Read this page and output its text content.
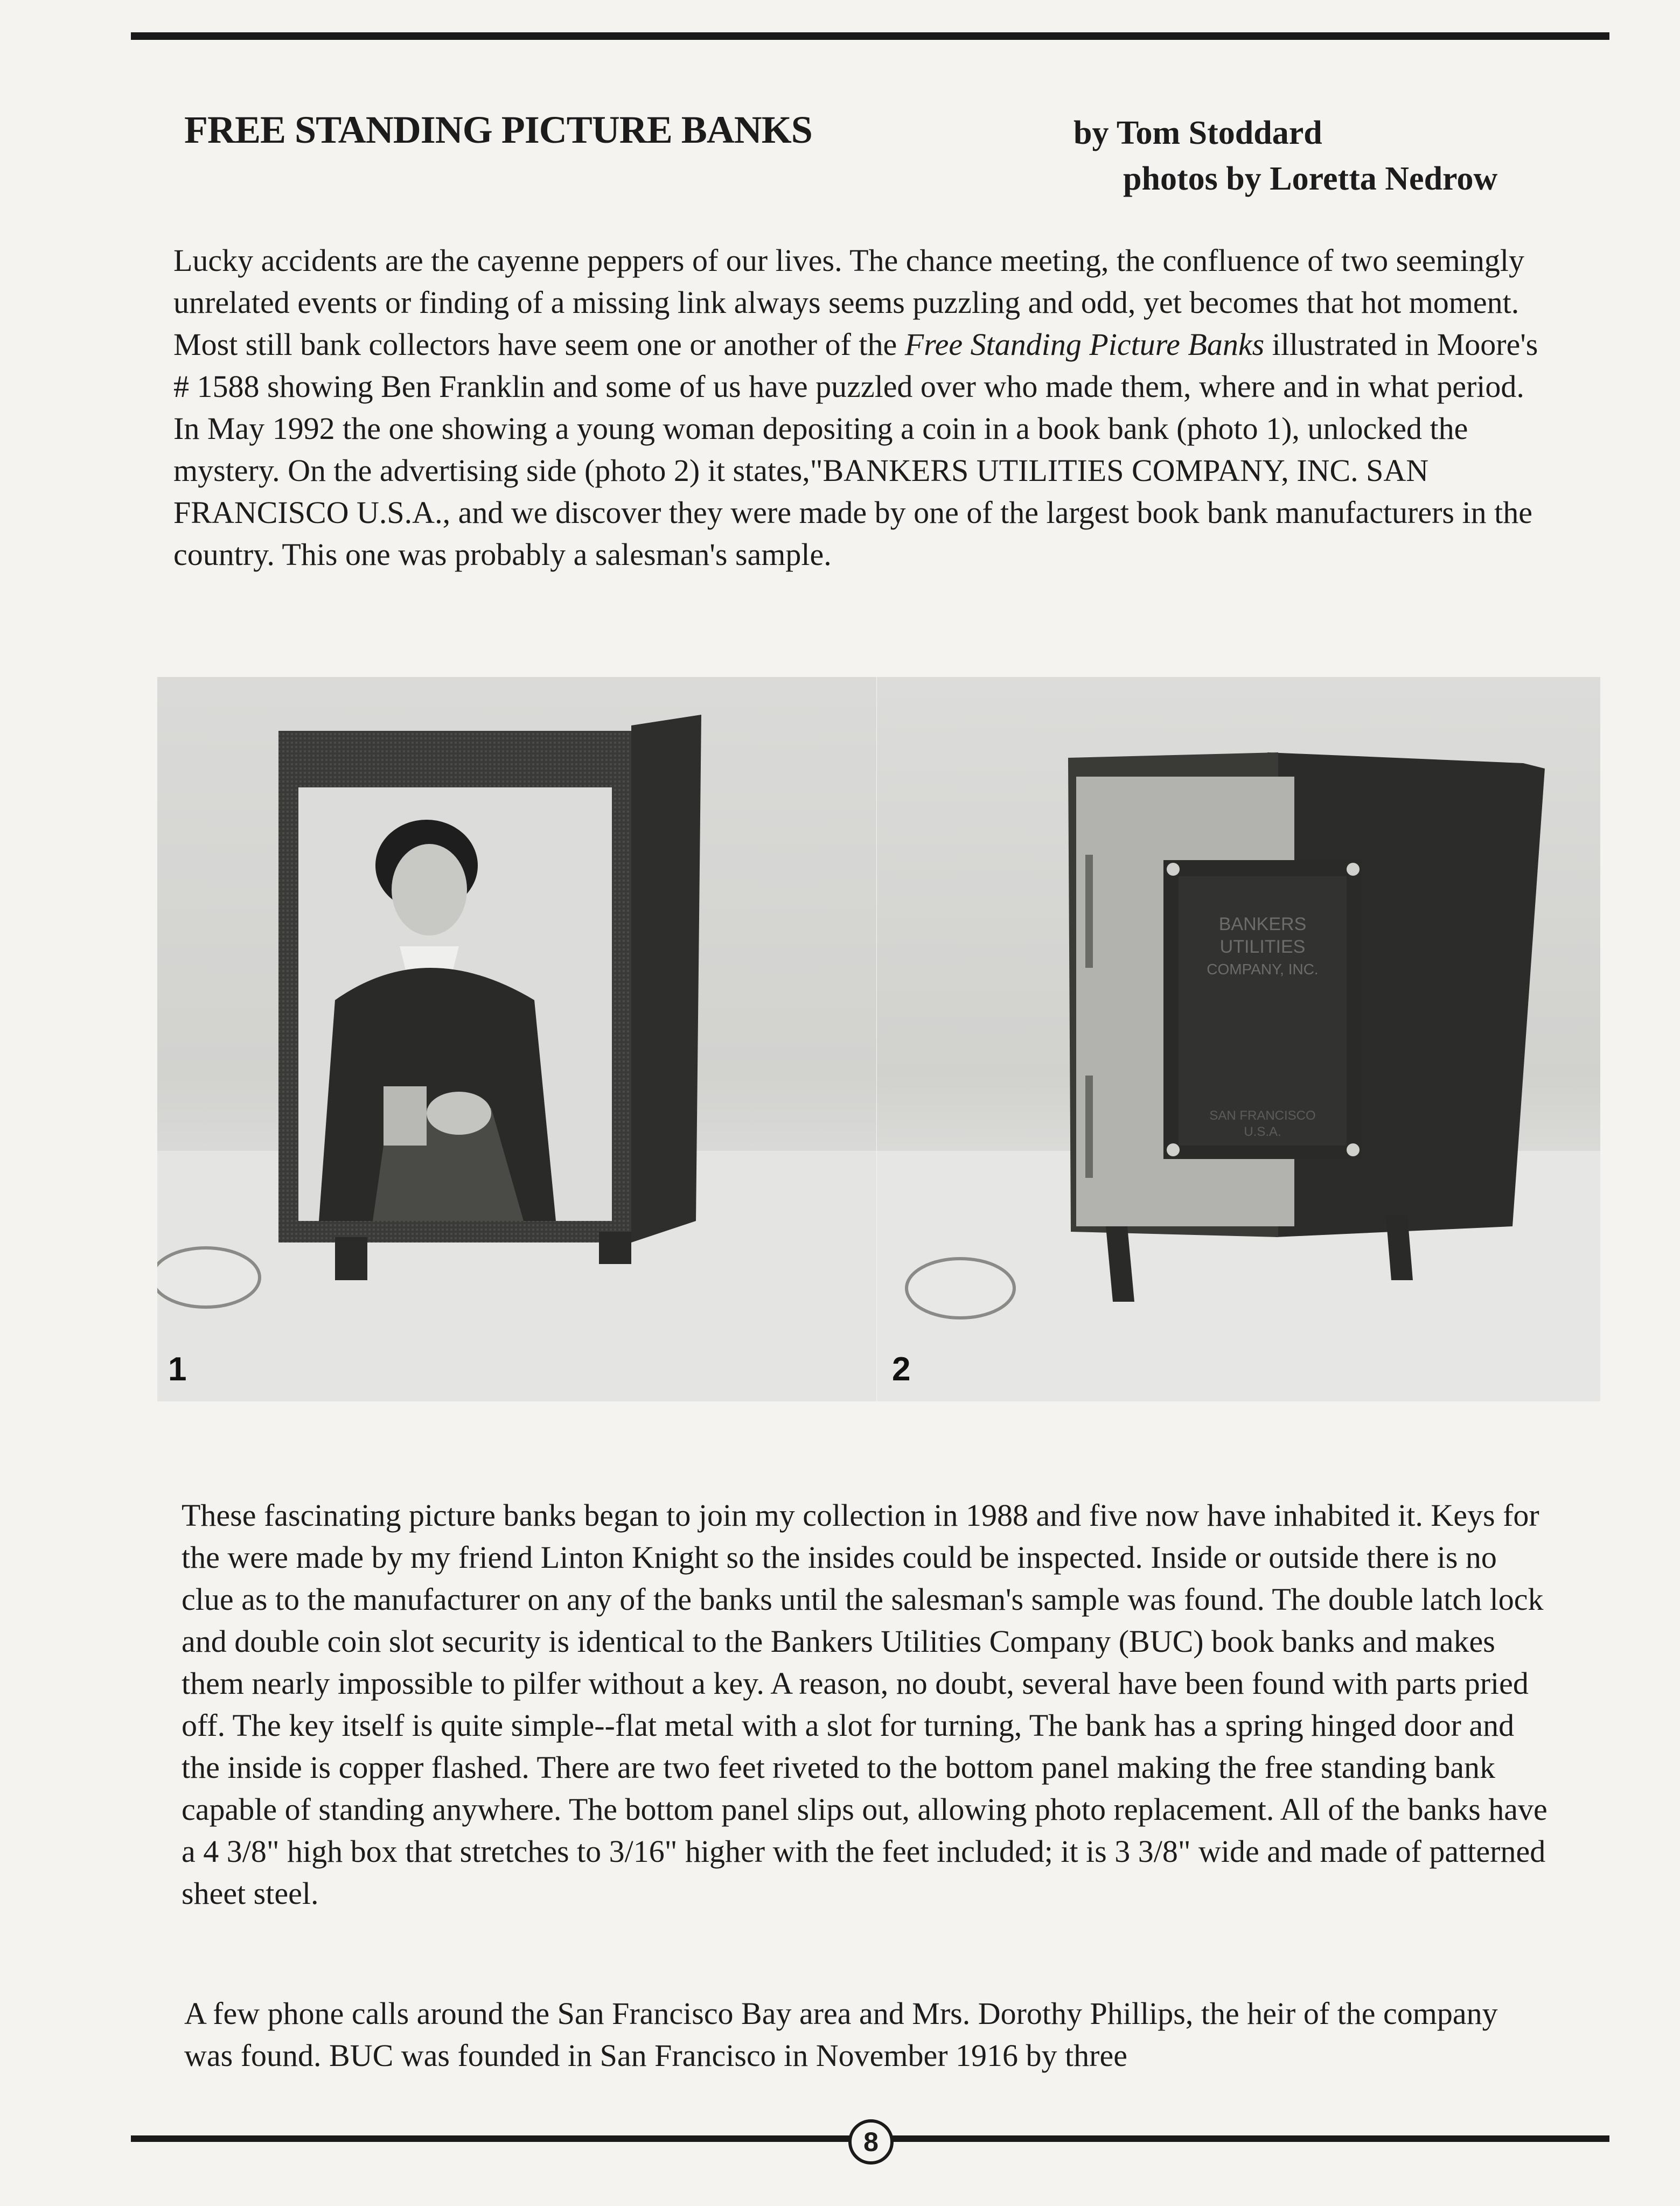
FREE STANDING PICTURE BANKS	by Tom Stoddard
photos by Loretta Nedrow

Lucky accidents are the cayenne peppers of our lives. The chance meeting, the confluence of two seemingly unrelated events or finding of a missing link always seems puzzling and odd, yet becomes that hot moment. Most still bank collectors have seem one or another of the Free Standing Picture Banks illustrated in Moore's # 1588 showing Ben Franklin and some of us have puzzled over who made them, where and in what period. In May 1992 the one showing a young woman depositing a coin in a book bank (photo 1), unlocked the mystery. On the advertising side (photo 2) it states,"BANKERS UTILITIES COMPANY, INC. SAN FRANCISCO U.S.A., and we discover they were made by one of the largest book bank manufacturers in the country. This one was probably a salesman's sample.

1
BANKERS
UTILITIES
COMPANY, INC.
SAN FRANCISCO
U.S.A.
2
These fascinating picture banks began to join my collection in 1988 and five now have inhabited it. Keys for the were made by my friend Linton Knight so the insides could be inspected. Inside or outside there is no clue as to the manufacturer on any of the banks until the salesman's sample was found. The double latch lock and double coin slot security is identical to the Bankers Utilities Company (BUC) book banks and makes them nearly impossible to pilfer without a key. A reason, no doubt, several have been found with parts pried off. The key itself is quite simple--flat metal with a slot for turning, The bank has a spring hinged door and the inside is copper flashed. There are two feet riveted to the bottom panel making the free standing bank capable of standing anywhere. The bottom panel slips out, allowing photo replacement. All of the banks have a 4 3/8" high box that stretches to 3/16" higher with the feet included; it is 3 3/8" wide and made of patterned sheet steel.
A few phone calls around the San Francisco Bay area and Mrs. Dorothy Phillips, the heir of the company was found. BUC was founded in San Francisco in November 1916 by three
8
